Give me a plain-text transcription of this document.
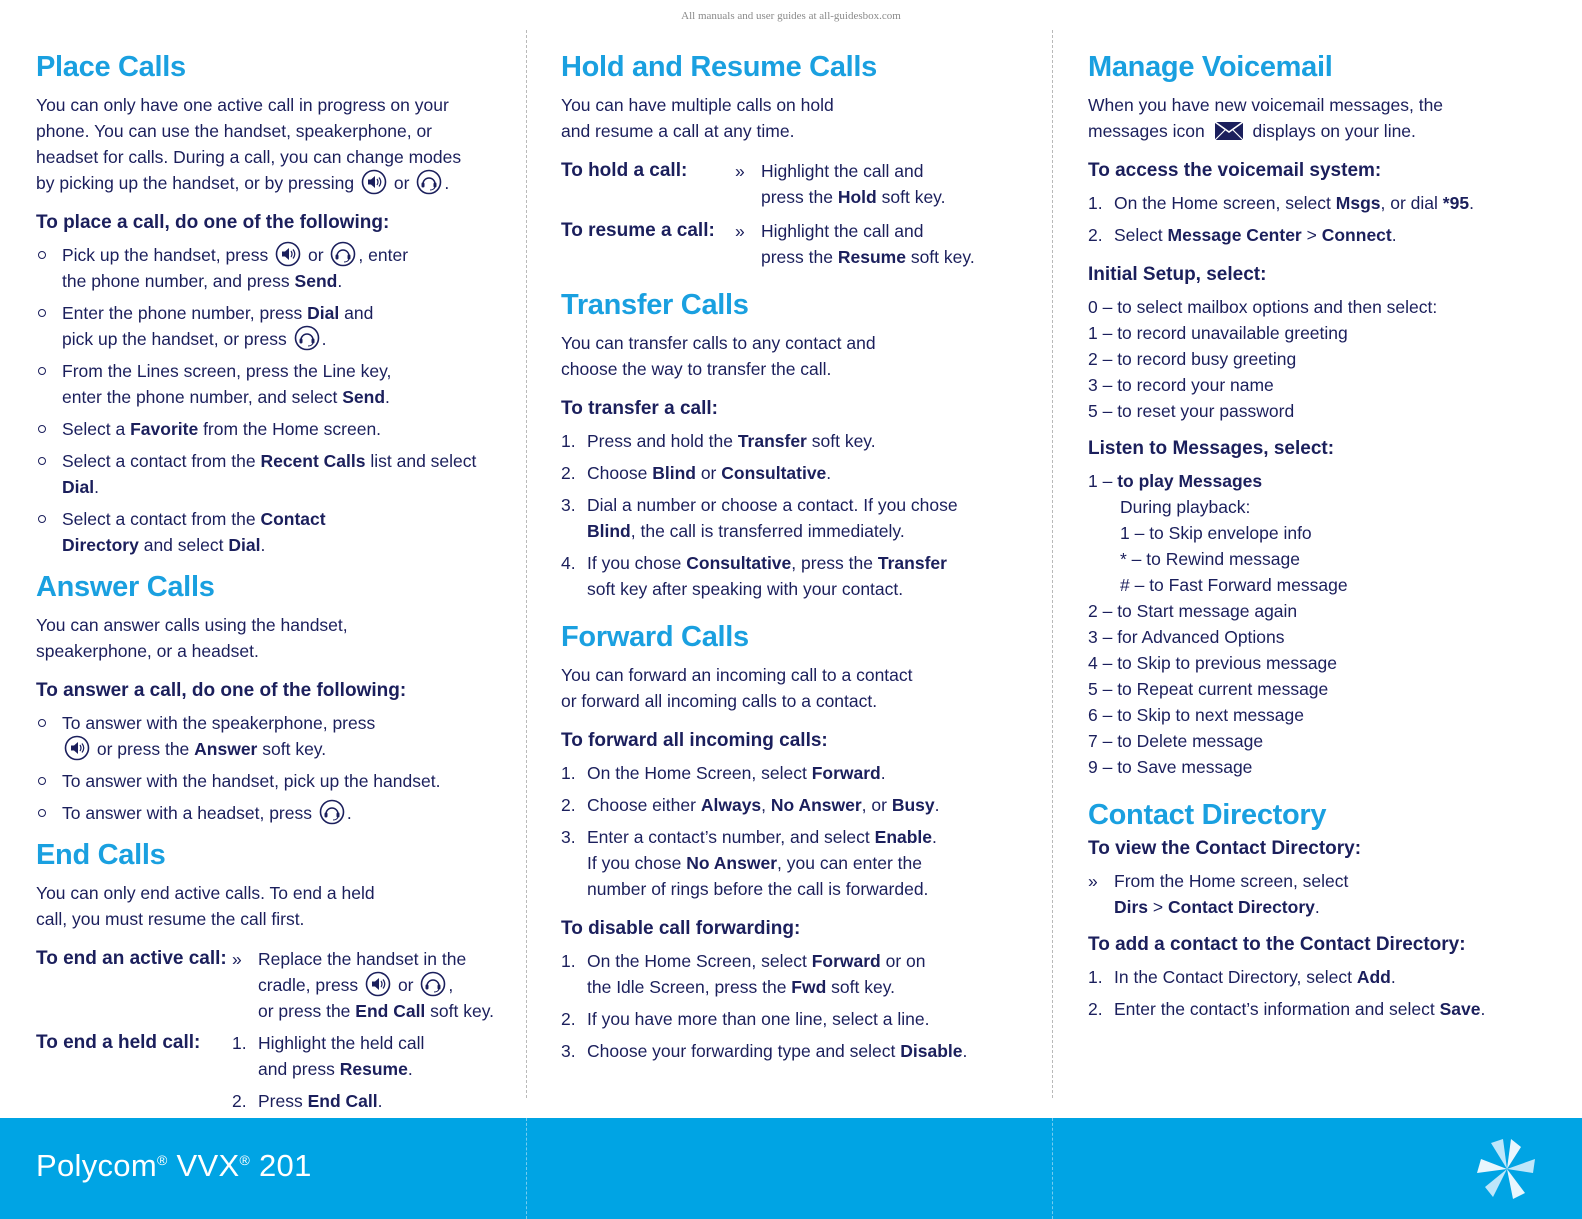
All manuals and user guides at all-guidesbox.com
Place Calls

You can only have one active call in progress on your
phone. You can use the handset, speakerphone, or
headset for calls. During a call, you can change modes
by picking up the handset, or by pressing or .

To place a call, do one of the following:
Pick up the handset, press or , enter
the phone number, and press Send.
Enter the phone number, press Dial and
pick up the handset, or press .
From the Lines screen, press the Line key,
enter the phone number, and select Send.
Select a Favorite from the Home screen.
Select a contact from the Recent Calls list and select Dial.
Select a contact from the Contact
Directory and select Dial.
Answer Calls

You can answer calls using the handset,
speakerphone, or a headset.

To answer a call, do one of the following:
To answer with the speakerphone, press
or press the Answer soft key.
To answer with the handset, pick up the handset.
To answer with a headset, press .
End Calls

You can only end active calls. To end a held
call, you must resume the call first.

To end an active call: » Replace the handset in the
cradle, press or ,
or press the End Call soft key.
To end a held call:	1. Highlight the held call
and press Resume.
2. Press End Call.
Hold and Resume Calls

You can have multiple calls on hold
and resume a call at any time.

To hold a call:	» Highlight the call and
press the Hold soft key.
To resume a call:	» Highlight the call and
press the Resume soft key.
Transfer Calls

You can transfer calls to any contact and
choose the way to transfer the call.

To transfer a call:
1. Press and hold the Transfer soft key.
2. Choose Blind or Consultative.
3. Dial a number or choose a contact. If you chose
Blind, the call is transferred immediately.
4. If you chose Consultative, press the Transfer
soft key after speaking with your contact.
Forward Calls

You can forward an incoming call to a contact
or forward all incoming calls to a contact.

To forward all incoming calls:
1. On the Home Screen, select Forward.
2. Choose either Always, No Answer, or Busy.
3. Enter a contact’s number, and select Enable.
If you chose No Answer, you can enter the
number of rings before the call is forwarded.
To disable call forwarding:
1. On the Home Screen, select Forward or on
the Idle Screen, press the Fwd soft key.
2. If you have more than one line, select a line.
3. Choose your forwarding type and select Disable.
Manage Voicemail

When you have new voicemail messages, the
messages icon	displays on your line.

To access the voicemail system:
1. On the Home screen, select Msgs, or dial *95.
2. Select Message Center > Connect.
Initial Setup, select:
0 – to select mailbox options and then select:
1 – to record unavailable greeting
2 – to record busy greeting
3 – to record your name
5 – to reset your password
Listen to Messages, select:
1 – to play Messages
During playback:
1 – to Skip envelope info
* – to Rewind message
# – to Fast Forward message
2 – to Start message again
3 – for Advanced Options
4 – to Skip to previous message
5 – to Repeat current message
6 – to Skip to next message
7 – to Delete message
9 – to Save message
Contact Directory
To view the Contact Directory:
» From the Home screen, select
Dirs > Contact Directory.
To add a contact to the Contact Directory:
1. In the Contact Directory, select Add.
2. Enter the contact’s information and select Save.
Polycom® VVX® 201
